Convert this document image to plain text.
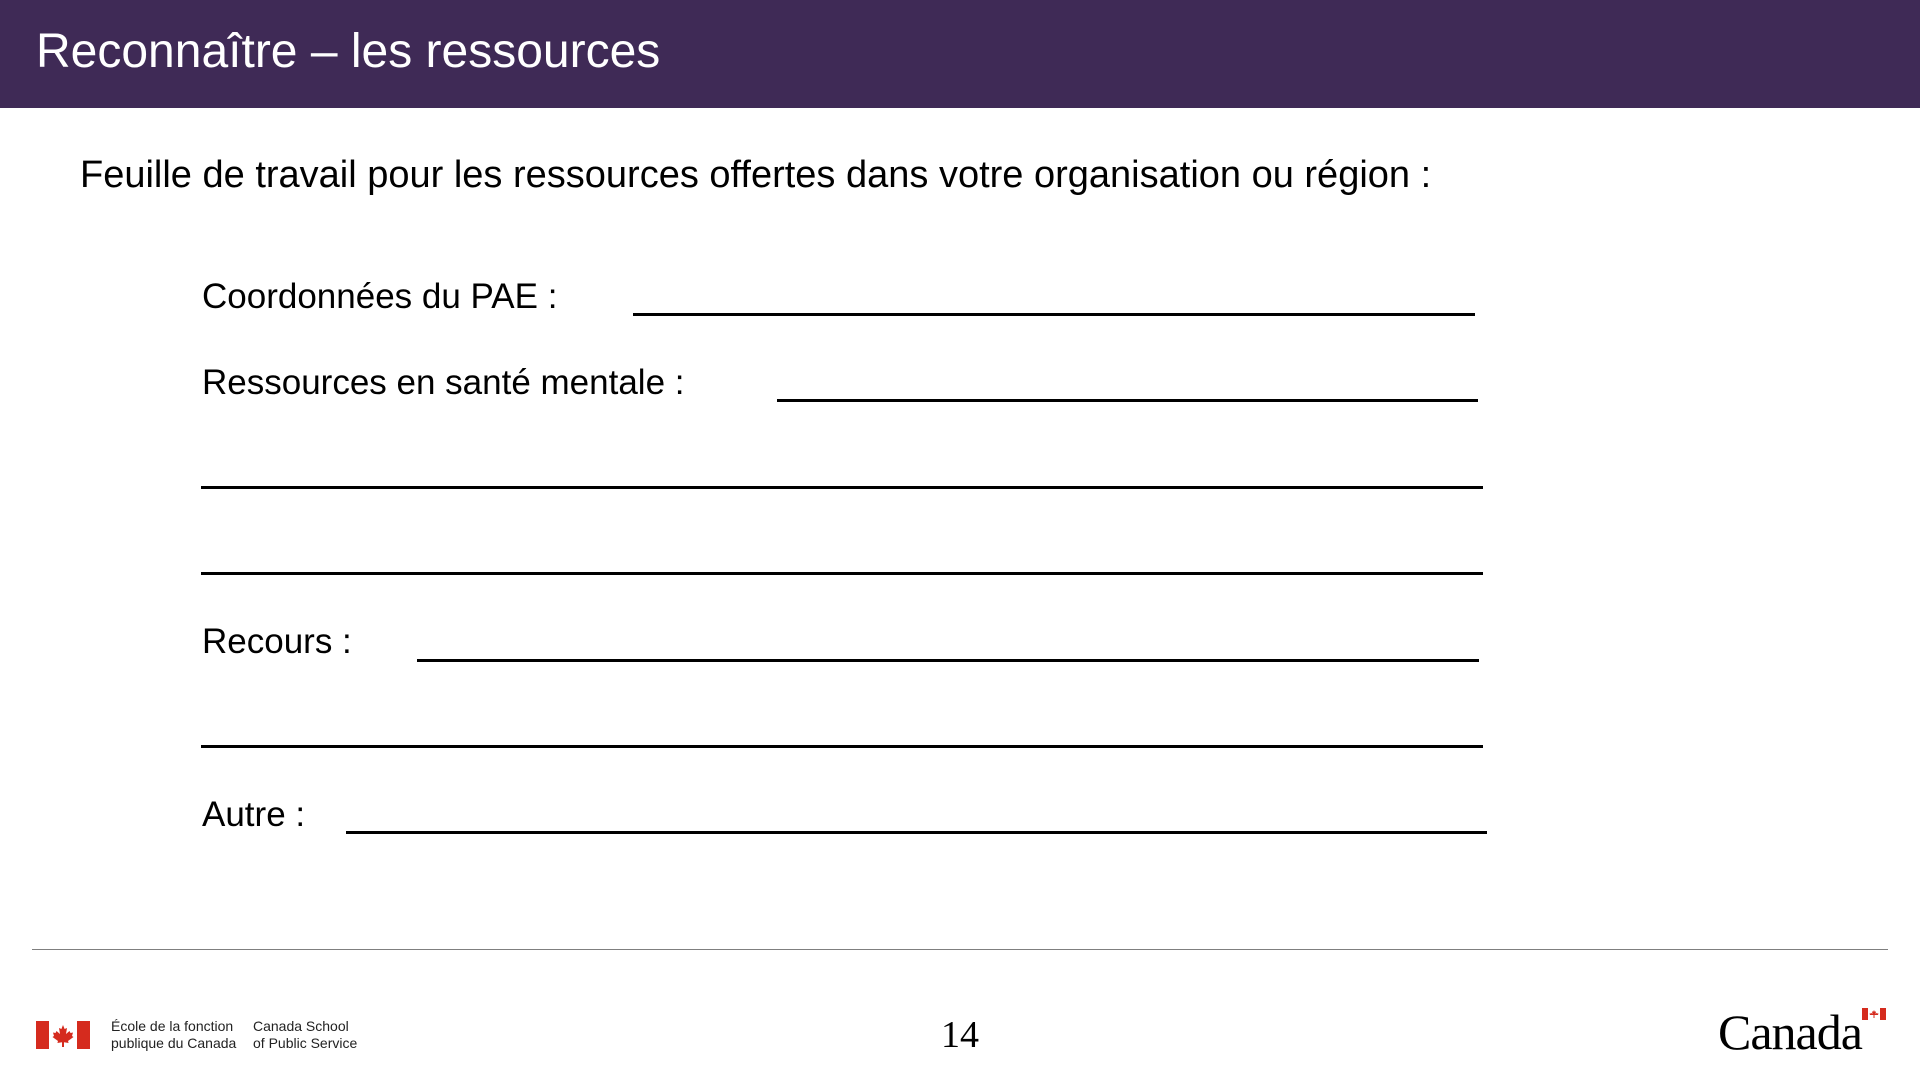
Reconnaître – les ressources
Feuille de travail pour les ressources offertes dans votre organisation ou région :
Coordonnées du PAE :
Ressources en santé mentale :
Recours :
Autre :
École de la fonction
publique du Canada
Canada School
of Public Service	14	Canada
